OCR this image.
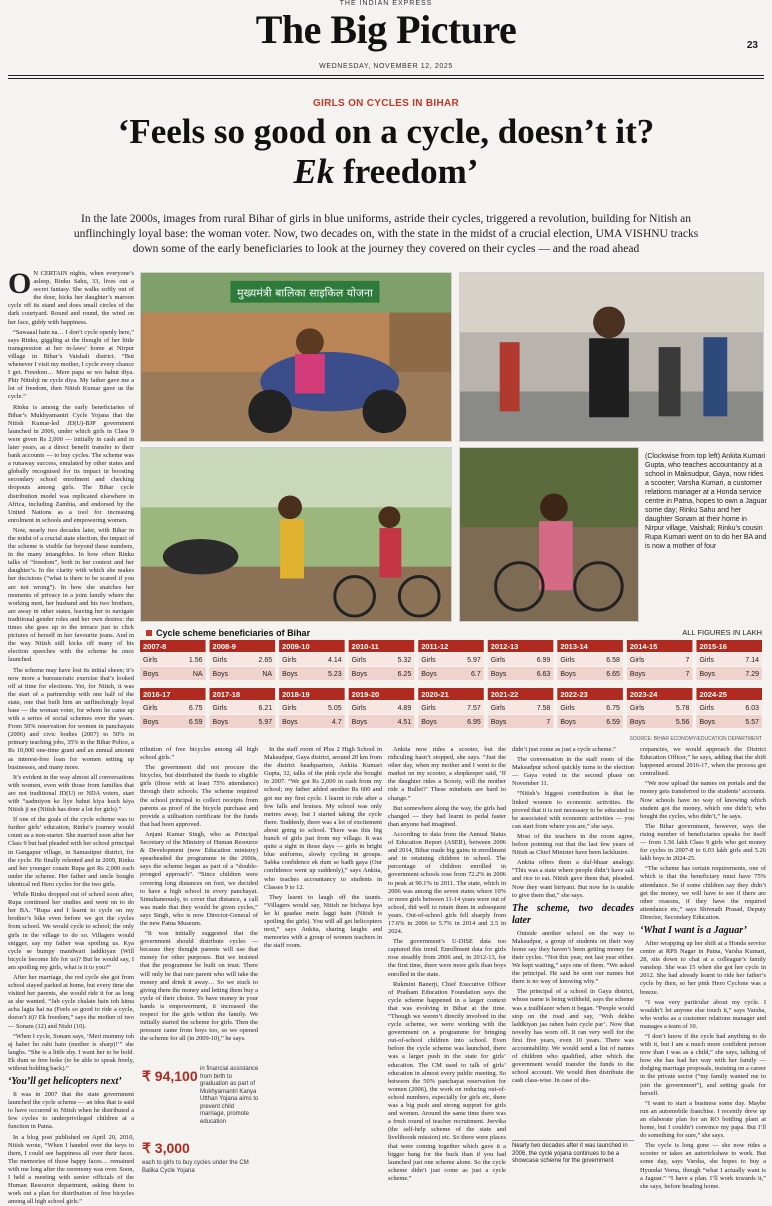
THE INDIAN EXPRESS
The Big Picture	23
WEDNESDAY, NOVEMBER 12, 2025
GIRLS ON CYCLES IN BIHAR
‘Feels so good on a cycle, doesn’t it?
Ek freedom’
In the late 2000s, images from rural Bihar of girls in blue uniforms, astride their cycles, triggered a revolution, building for Nitish an unflinchingly loyal base: the woman voter. Now, two decades on, with the state in the midst of a crucial election, UMA VISHNU tracks down some of the early beneficiaries to look at the journey they covered on their cycles — and the road ahead

O N CERTAIN nights, when everyone’s asleep, Rinku Sahu, 33, lives out a secret fantasy. She walks softly out of the door, kicks her daughter’s maroon cycle off its stand and does small circles of the dark courtyard. Round and round, the wind on her face, giddy with happiness.

“Sawaaal hain na… I don’t cycle openly here,” says Rinku, giggling at the thought of her little transgression at her in-laws’ home at Nirpur village in Bihar’s Vaishali district. “But whenever I visit my mother, I cycle every chance I get. Freedom… Mere papa se wo bahut diya. Phir Nitishji ne cycle diya. My father gave me a lot of freedom, then Nitish Kumar gave us the cycle.”

Rinku is among the early beneficiaries of Bihar’s Mukhyamantri Cycle Yojana that the Nitish Kumar-led JD(U)-BJP government launched in 2006, under which girls in Class 9 were given Rs 2,000 — initially in cash and in later years, as a direct benefit transfer to their bank accounts — to buy cycles. The scheme was a runaway success, emulated by other states and globally recognised for its impact in boosting secondary school enrolment and checking dropouts among girls. The Bihar cycle distribution model was replicated elsewhere in Africa, including Zambia, and endorsed by the United Nations as a tool for increasing enrolment in schools and empowering women.

Now, nearly two decades later, with Bihar in the midst of a crucial state election, the impact of the scheme is visible far beyond these numbers, in the many intangibles. In how often Rinku talks of “freedom”, both in her context and her daughter’s. In the clarity with which she makes her decisions (“what is there to be scared if you are not wrong”). In how she snatches her moments of privacy in a joint family where the working men, her husband and his two brothers, are away in other states, leaving her to navigate traditional gender roles and her own desires: the times she goes up to the terrace just to click pictures of herself in her favourite jeans. And in the way Nitish still kicks off many of his election speeches with the scheme he once launched.

The scheme may have lost its initial sheen; it’s now more a bureaucratic exercise that’s looked off at time for elections. Yet, for Nitish, it was the start of a partnership with one half of the state, one that built him an unflinchingly loyal base — the woman voter, for whom he came up with a series of social schemes over the years. From 50% reservation for women in panchayats (2006) and civic bodies (2007) to 50% in primary teaching jobs, 35% in the Bihar Police, a Rs 10,000 one-time grant and an annual amount as interest-free loan for women setting up businesses, and many more.

It’s evident in the way almost all conversations with women, even with those from families that are not traditional JD(U) or NDA voters, start with “aadmiyon ke liye bahut kiya kuch kiya Nitish ji ne (Nitish has done a lot for girls).”

If one of the goals of the cycle scheme was to further girls’ education, Rinku’s journey would count as a non-starter. She married soon after her Class 9 but had pleaded with her school principal in Gangapur village, in Samastipur district, for the cycle. He finally relented and in 2009, Rinku and her younger cousin Rupa got Rs 2,000 each under the scheme. Her father and uncle bought identical red Hero cycles for the two girls.

While Rinku dropped out of school soon after, Rupa continued her studies and went on to do her BA. “Rupa and I learnt to cycle on my brother’s bike even before we got the cycles from school. We would cycle to school; the only girls in the village to do so. Villagers would snigger, say my father was spoiling us. Kya cycle se bumpy mandwari laddkiyan (Will bicycle become life for us)? But he would say, I am spoiling my girls, what is it to you?”

After her marriage, the red cycle she got from school stayed parked at home, but every time she visited her parents, she would ride it for as long as she wanted. “Jab cycle chalate hain toh kitna acha lagta hai na (Feels so good to ride a cycle, doesn’t it)? Ek freedom,” says the mother of two — Sonam (12) and Nishi (10).

“When I cycle, Sonam says, ‘Meri mummy toh aj haber ho rahi hain (mother is sharp)!’” she laughs. “She is a little shy. I want her to be bold. Ek dum se free hoke (to be able to speak freely, without holding back).”

‘You’ll get helicopters next’

It was in 2007 that the state government launched the cycle scheme — an idea that is said to have occurred to Nitish when he distributed a few cycles to underprivileged children at a function in Patna.

In a blog post published on April 20, 2010, Nitish wrote, “When I handed over the keys to them, I could see happiness all over their faces. The memories of those happy faces… remained with me long after the ceremony was over. Soon, I held a meeting with senior officials of the Human Resource department, asking them to work out a plan for distribution of free bicycles among all high school girls.”

मुख्यमंत्री बालिका साइकिल योजना
(Clockwise from top left) Ankita Kumari Gupta, who teaches accountancy at a school in Maksudpur, Gaya, now rides a scooter; Varsha Kumari, a customer relations manager at a Honda service centre in Patna, hopes to own a Jaguar some day; Rinku Sahu and her daughter Sonam at their home in Nirpur village, Vaishali; Rinku’s cousin Rupa Kumari went on to do her BA and is now a mother of four
Cycle scheme beneficiaries of Bihar	ALL FIGURES IN LAKH
2007-8
Girls	1.56
Boys	NA
2008-9
Girls	2.65
Boys	NA
2009-10
Girls	4.14
Boys	5.23
2010-11
Girls	5.32
Boys	6.25
2011-12
Girls	5.97
Boys	6.7
2012-13
Girls	6.99
Boys	6.63
2013-14
Girls	6.58
Boys	6.65
2014-15
Girls	7
Boys	7
2015-16
Girls	7.14
Boys	7.29
2016-17
Girls	6.75
Boys	6.59
2017-18
Girls	6.21
Boys	5.97
2018-19
Girls	5.05
Boys	4.7
2019-20
Girls	4.89
Boys	4.51
2020-21
Girls	7.57
Boys	6.95
2021-22
Girls	7.58
Boys	7
2022-23
Girls	6.75
Boys	6.59
2023-24
Girls	5.78
Boys	5.56
2024-25
Girls	6.03
Boys	5.57
SOURCE: BIHAR ECONOMY/EDUCATION DEPARTMENT

tribution of free bicycles among all high school girls.”

The government did not procure the bicycles, but distributed the funds to eligible girls (those with at least 75% attendance) through their schools. The scheme required the school principal to collect receipts from parents as proof of the bicycle purchase and provide a utilisation certificate for the funds that had been approved.

Anjani Kumar Singh, who as Principal Secretary of the Ministry of Human Resource & Development (now Education ministry) spearheaded the programme in the 2000s, says the scheme began as part of a “double-pronged approach”. “Since children were covering long distances on foot, we decided to have a high school in every panchayat. Simultaneously, to cover that distance, a call was made that they would be given cycles,” says Singh, who is now Director-General of the new Patna Museum.

“It was initially suggested that the government should distribute cycles — because they thought parents will use that money for other purposes. But we insisted that the programme be built on trust. There will only be that rare parent who will take the money and drink it away… So we stuck to giving them the money and letting them buy a cycle of their choice. To have money in your hands is empowerment, it increased the respect for the girls within the family. We initially started the scheme for girls. Then the pressure came from boys too, so we opened the scheme for all (in 2009-10),” he says.

₹ 94,100 in financial assistance from birth to graduation as part of Mukhyamantri Kanya Utthan Yojana aims to prevent child marriage, promote education
₹ 3,000
each to girls to buy cycles under the CM Balika Cycle Yojana

In the staff room of Plus 2 High School in Maksudpur, Gaya district, around 20 km from the district headquarters, Ankita Kumari Gupta, 32, talks of the pink cycle she bought in 2007. “We got Rs 2,000 in cash from my school; my father added another Rs 600 and got me my first cycle. I learnt to ride after a few falls and bruises. My school was only metres away, but I started taking the cycle there. Suddenly, there was a lot of excitement about going to school. There was this big bunch of girls just from my village. It was quite a sight in those days — girls in bright blue uniforms, slowly cycling in groups. Sabka confidence ek dum se badh gaya (Our confidence went up suddenly),” says Ankita, who teaches accountancy to students in Classes 9 to 12.

They learnt to laugh off the taunts. “Villagers would say, Nitish ne bichaya kya ke ki gaadau mein laggi hain (Nitish is spoiling the girls). You will all get helicopters next,” says Ankita, sharing laughs and memories with a group of women teachers in the staff room.

Ankita now rides a scooter, but the ridiculing hasn’t stopped, she says. “Just the other day, when my mother and I went to the market on my scooter, a shopkeeper said, ‘If the daughter rides a Scooty, will the mother ride a Bullet?’ These mindsets are hard to change.”

But somewhere along the way, the girls had changed — they had learnt to pedal faster than anyone had imagined.

According to data from the Annual Status of Education Report (ASER), between 2006 and 2014, Bihar made big gains in enrollment and in retaining children in school. The percentage of children enrolled in government schools rose from 72.2% in 2006 to peak at 90.1% in 2011. The state, which in 2006 was among the seven states where 10% or more girls between 11-14 years were out of school, did well to retain them in subsequent years. Out-of-school girls fell sharply from 17.6% in 2006 to 5.7% in 2014 and 2.5 in 2024.

The government’s U-DISE data too captured this trend. Enrollment data for girls rose steadily from 2006 and, in 2012-13, for the first time, there were more girls than boys enrolled in the state.

Rukmini Banerji, Chief Executive Officer of Pratham Education Foundation says the cycle scheme happened in a larger context that was evolving in Bihar at the time. “Though we weren’t directly involved in the cycle scheme, we were working with the government on a programme for bringing out-of-school children into school. Even before the cycle scheme was launched, there was a larger push in the state for girls’ education. The CM used to talk of girls’ education in almost every public meeting. So between the 50% panchayat reservation for women (2006), the work on reducing out-of-school numbers, especially for girls etc, there was a big push and strong support for girls and women. Around the same time there was a fresh round of teacher recruitment. Jeevika (the self-help scheme of the state and livelihoods mission) etc. So there were places that were coming together which gave it a bigger bang for the buck than if you had launched just one scheme alone. So the cycle scheme didn’t just come as just a cycle scheme.”

didn’t just come as just a cycle scheme.”

The conversation in the staff room of the Maksudpur school quickly turns to the election — Gaya voted in the second phase on November 11.

“Nitish’s biggest contribution is that he linked women to economic activities. He proved that it is not necessary to be educated to be associated with economic activities — you can start from where you are,” she says.

Most of the teachers in the room agree, before pointing out that the last few years of Nitish as Chief Minister have been lacklustre.

Ankita offers them a daf-bhaar analogy. “This was a state where people didn’t have salt and rice to eat. Nitish gave them that, pleaded. Now they want biriyani. But now he is unable to give them that,” she says.

The scheme, two decades later

Outside another school on the way to Maksudpur, a group of students on their way home say they haven’t been getting money for their cycles. “Not this year, not last year either. We kept waiting,” says one of them. “We asked the principal. He said he sent our names but there is no way of knowing why.”

The principal of a school in Gaya district, whose name is being withheld, says the scheme was a trailblazer when it began. “People would stop on the road and say, ‘Woh dekho laddkiyan jaa rahen hain cycle par’. Now that novelty has worn off. It ran very well for the first five years, even 10 years. There was accountability. We would send a list of names of children who qualified, after which the government would transfer the funds to the school account. We would then distribute the cash class-wise. In case of dis-

crepancies, we would approach the District Education Officer,” he says, adding that the shift happened around 2016-17, when the process got centralised.

“We now upload the names on portals and the money gets transferred to the students’ accounts. Now schools have no way of knowing which student got the money, which one didn’t; who bought the cycles, who didn’t,” he says.

The Bihar government, however, says the rising number of beneficiaries speaks for itself — from 1.56 lakh Class 9 girls who got money for cycles in 2007-8 to 6.03 lakh girls and 5.26 lakh boys in 2024-25.

“The scheme has certain requirements, one of which is that the beneficiary must have 75% attendance. So if some children say they didn’t get the money, we will have to see if there are other reasons, if they have the required attendance etc,” says Shivnath Prasad, Deputy Director, Secondary Education.

‘What I want is a Jaguar’

After wrapping up her shift at a Honda service centre at RPS Nagar in Patna, Varsha Kumari, 28, sits down to chat at a colleague’s family vanshop. She was 15 when she got her cycle in 2012. She had already learnt to ride her father’s cycle by then, so her pink Hero Cyclone was a breeze.

“I was very particular about my cycle. I wouldn’t let anyone else touch it,” says Varsha, who works as a customer relations manager and manages a team of 10.

“I don’t know if the cycle had anything to do with it, but I am a much more confident person now than I was as a child,” she says, talking of how she has had her way with her family — dodging marriage proposals, insisting on a career in the private sector (“my family wanted me to join the government”), and setting goals for herself.

“I want to start a business some day. Maybe run an automobile franchise. I recently drew up an elaborate plan for an RO bottling plant at home, but I couldn’t convince my papa. But I’ll do something for sure,” she says.

The cycle is long gone — she now rides a scooter or takes an autorickshaw to work. But some day, says Varsha, she hopes to buy a Hyundai Verna, though “what I actually want is a Jaguar.” “I have a plan. I’ll work towards it,” she says, before heading home.

Nearly two decades after it was launched in 2006, the cycle yojana continues to be a showcase scheme for the government
